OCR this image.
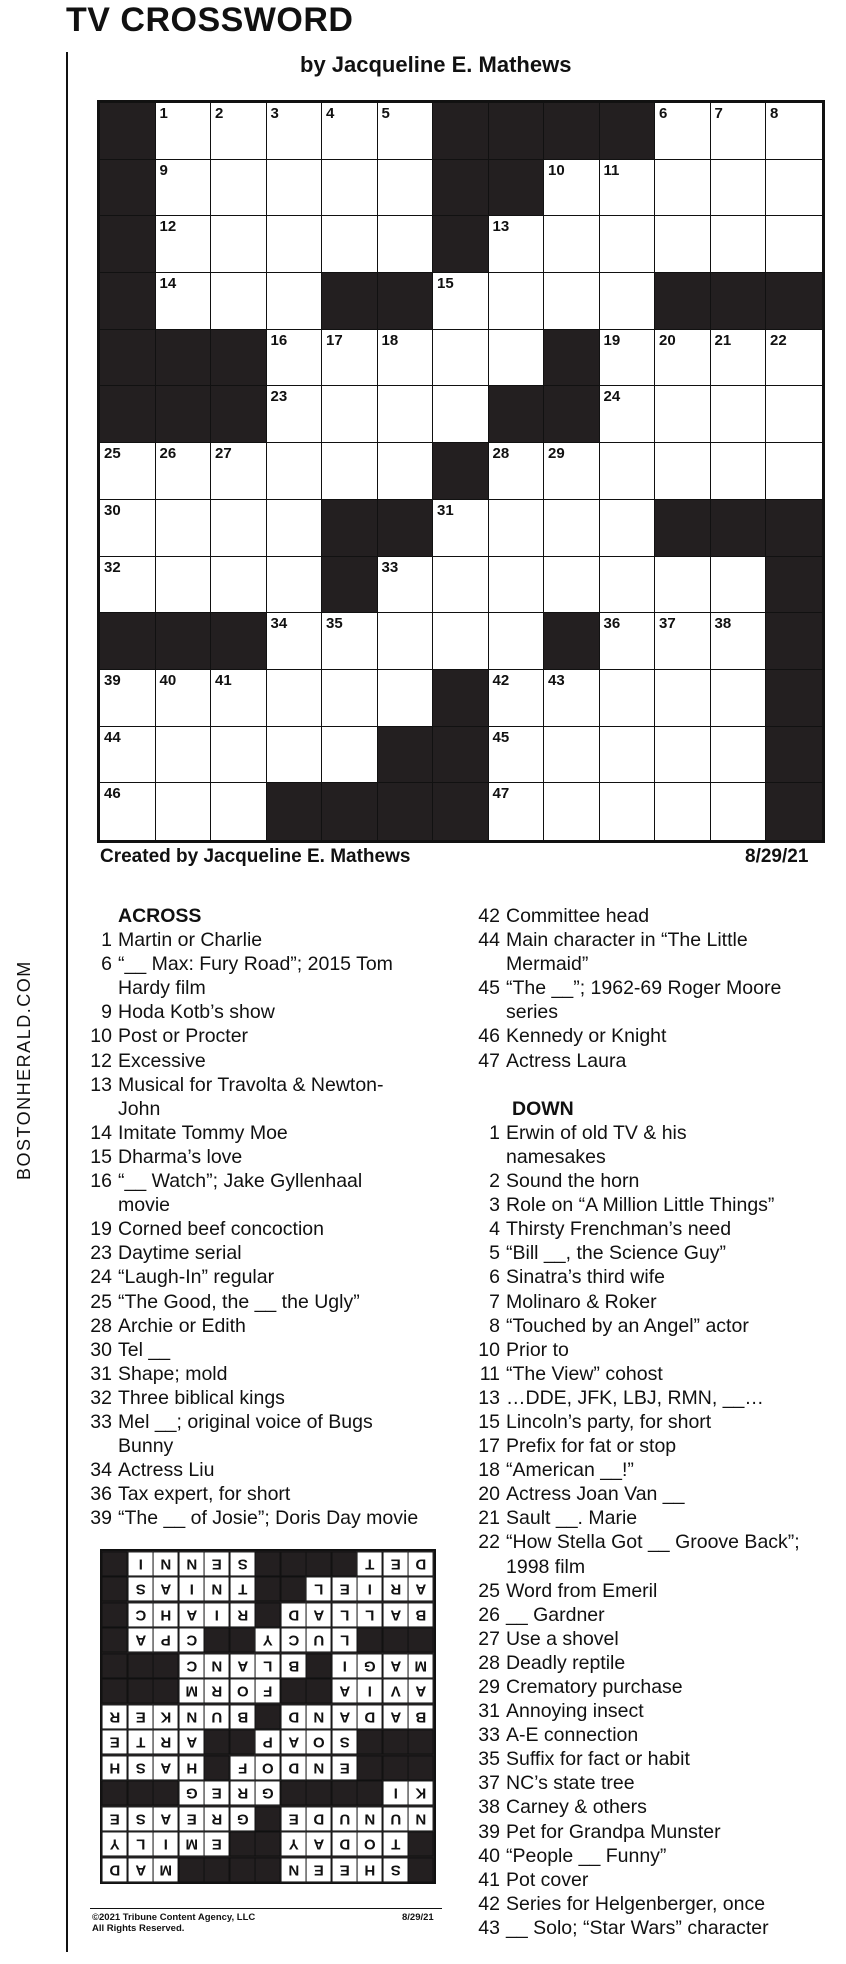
TV CROSSWORD
by Jacqueline E. Mathews
BOSTONHERALD.COM
1	2	3	4	5	6	7	8
9	10	11
12	13
14	15
16	17	18	19	20	21	22
23	24
25	26	27	28	29
30	31
32	33
34	35	36	37	38
39	40	41	42	43
44	45
46	47
Created by Jacqueline E. Mathews	8/29/21
ACROSS
1 Martin or Charlie
6 “__ Max: Fury Road”; 2015 Tom
Hardy film
9 Hoda Kotb’s show
10 Post or Procter
12 Excessive
13 Musical for Travolta & Newton-
John
14 Imitate Tommy Moe
15 Dharma’s love
16 “__ Watch”; Jake Gyllenhaal
movie
19 Corned beef concoction
23 Daytime serial
24 “Laugh-In” regular
25 “The Good, the __ the Ugly”
28 Archie or Edith
30 Tel __
31 Shape; mold
32 Three biblical kings
33 Mel __; original voice of Bugs
Bunny
34 Actress Liu
36 Tax expert, for short
39 “The __ of Josie”; Doris Day movie
42 Committee head
44 Main character in “The Little
Mermaid”
45 “The __”; 1962-69 Roger Moore
series
46 Kennedy or Knight
47 Actress Laura
DOWN
1 Erwin of old TV & his
namesakes
2 Sound the horn
3 Role on “A Million Little Things”
4 Thirsty Frenchman’s need
5 “Bill __, the Science Guy”
6 Sinatra’s third wife
7 Molinaro & Roker
8 “Touched by an Angel” actor
10 Prior to
11 “The View” cohost
13 …DDE, JFK, LBJ, RMN, __…
15 Lincoln’s party, for short
17 Prefix for fat or stop
18 “American __!”
20 Actress Joan Van __
21 Sault __. Marie
22 “How Stella Got __ Groove Back”;
1998 film
25 Word from Emeril
26 __ Gardner
27 Use a shovel
28 Deadly reptile
29 Crematory purchase
31 Annoying insect
33 A-E connection
35 Suffix for fact or habit
37 NC’s state tree
38 Carney & others
39 Pet for Grandpa Munster
40 “People __ Funny”
41 Pot cover
42 Series for Helgenberger, once
43 __ Solo; “Star Wars” character
I	N N	E	S	T	E	D
S	A	I	N	T	L	E	I	R A
C H A	I	R	D A	L	L	A B
A	P	C	Y	C U	L
C N A	L	B	I	G A M
M R O	F	A	I	V	A
R	E	K N U B	D N A D A B
E	T	R A	P	A O S
H	S	A H	F	O D N	E
G E	R G	I	K
E	S	A	E	R G	E	D U N U N
Y	L	I	M E	Y	A D O	T
D A M	N	E	E	H	S
©2021 Tribune Content Agency, LLC
All Rights Reserved.
8/29/21
